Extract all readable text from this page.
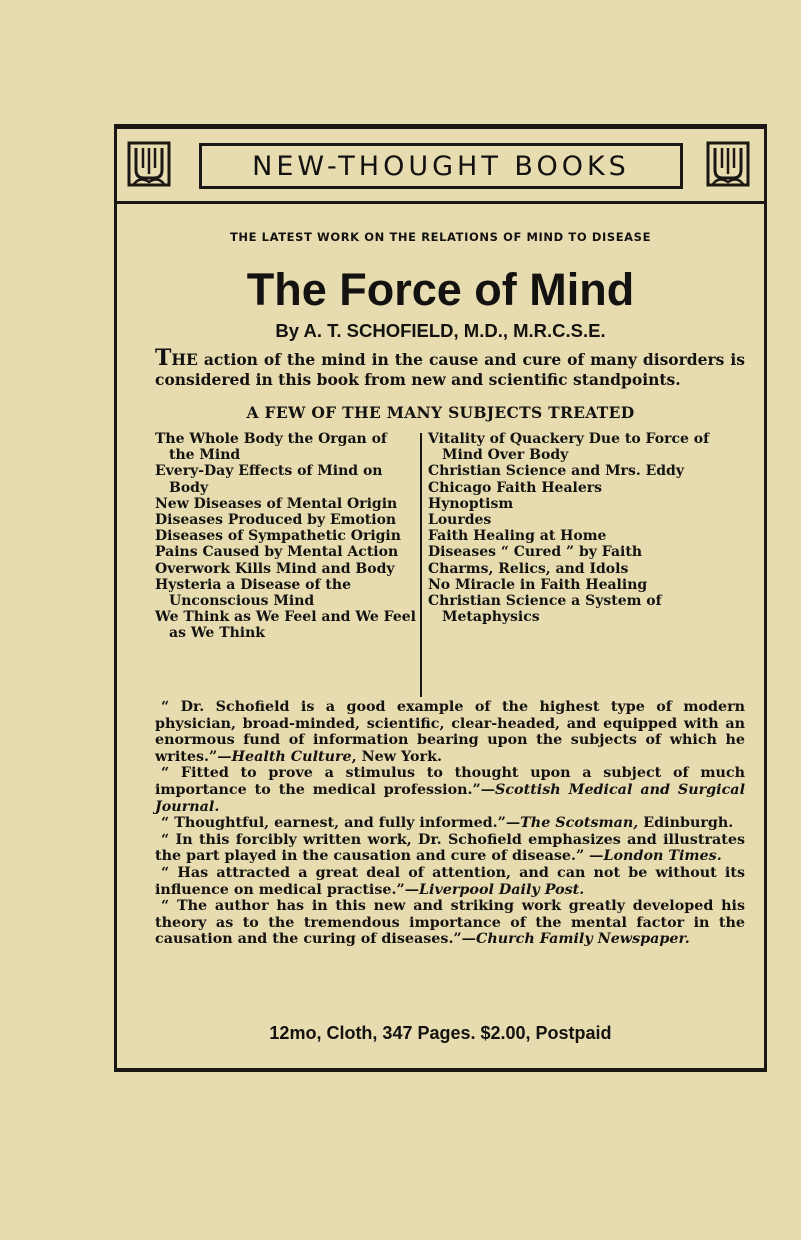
NEW-THOUGHT BOOKS
THE LATEST WORK ON THE RELATIONS OF MIND TO DISEASE
The Force of Mind
By A. T. SCHOFIELD, M.D., M.R.C.S.E.
THE action of the mind in the cause and cure of many disorders is considered in this book from new and scientific standpoints.
A FEW OF THE MANY SUBJECTS TREATED
The Whole Body the Organ of the Mind
Every-Day Effects of Mind on Body
New Diseases of Mental Origin
Diseases Produced by Emotion
Diseases of Sympathetic Origin
Pains Caused by Mental Action
Overwork Kills Mind and Body
Hysteria a Disease of the Unconscious Mind
We Think as We Feel and We Feel as We Think
Vitality of Quackery Due to Force of Mind Over Body
Christian Science and Mrs. Eddy
Chicago Faith Healers
Hynoptism
Lourdes
Faith Healing at Home
Diseases “ Cured ” by Faith
Charms, Relics, and Idols
No Miracle in Faith Healing
Christian Science a System of Metaphysics

“ Dr. Schofield is a good example of the highest type of modern physician, broad-minded, scientific, clear-headed, and equipped with an enormous fund of information bearing upon the subjects of which he writes.”—Health Culture, New York.

“ Fitted to prove a stimulus to thought upon a subject of much importance to the medical profession.”—Scottish Medical and Surgical Journal.

“ Thoughtful, earnest, and fully informed.”—The Scotsman, Edinburgh.

“ In this forcibly written work, Dr. Schofield emphasizes and illustrates the part played in the causation and cure of disease.” —London Times.

“ Has attracted a great deal of attention, and can not be without its influence on medical practise.”—Liverpool Daily Post.

“ The author has in this new and striking work greatly developed his theory as to the tremendous importance of the mental factor in the causation and the curing of diseases.”—Church Family Newspaper.

12mo, Cloth, 347 Pages. $2.00, Postpaid
